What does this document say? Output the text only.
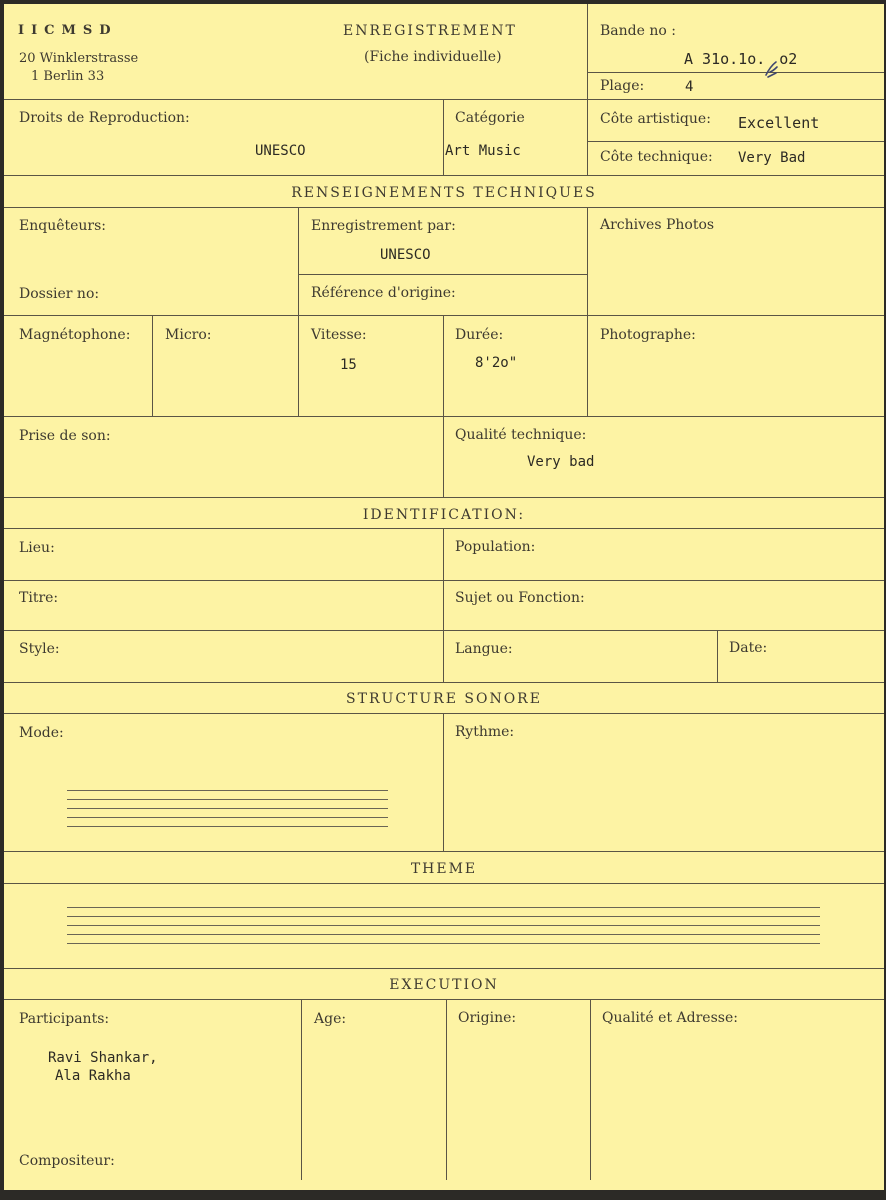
IICMSD
20 Winklerstrasse
1 Berlin 33
ENREGISTREMENT
(Fiche individuelle)
Bande no :
A 31o.1o. o2
Plage:	4
Droits de Reproduction:
UNESCO
Catégorie
Art Music
Côte artistique: Excellent
Côte technique: Very Bad
RENSEIGNEMENTS TECHNIQUES
Enquêteurs:	Enregistrement par:
UNESCO
Archives Photos
Dossier no:	Référence d'origine:
Magnétophone: Micro:	Vitesse:
15
Durée:
8'2o"
Photographe:
Prise de son:	Qualité technique:
Very bad
IDENTIFICATION:
Lieu:	Population:
Titre:	Sujet ou Fonction:
Style:	Langue:	Date:
STRUCTURE SONORE
Mode:	Rythme:
THEME
EXECUTION
Participants:
Ravi Shankar,
Ala Rakha
Age:	Origine:	Qualité et Adresse:
Compositeur:
